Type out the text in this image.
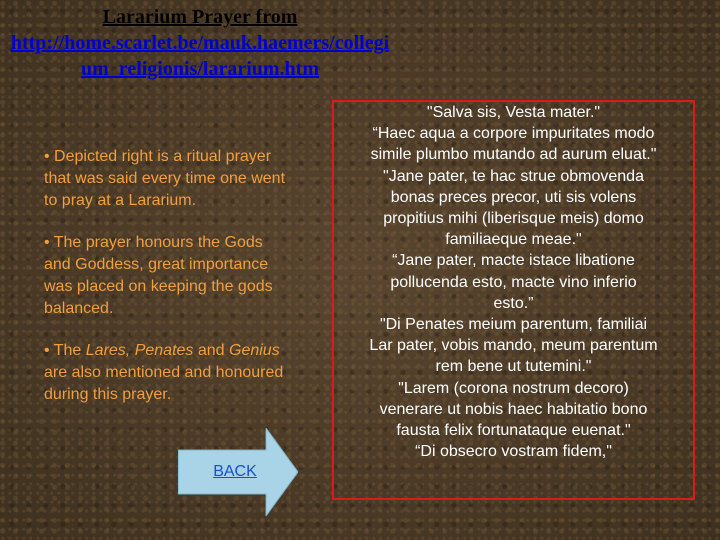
Lararium Prayer from
http://home.scarlet.be/mauk.haemers/collegium_religionis/lararium.htm

• Depicted right is a ritual prayer that was said every time one went to pray at a Lararium.

• The prayer honours the Gods and Goddess, great importance was placed on keeping the gods balanced.

• The Lares, Penates and Genius are also mentioned and honoured during this prayer.

BACK
"Salva sis, Vesta mater."
“Haec aqua a corpore impuritates modo
simile plumbo mutando ad aurum eluat."
"Jane pater, te hac strue obmovenda
bonas preces precor, uti sis volens
propitius mihi (liberisque meis) domo
familiaeque meae."
“Jane pater, macte istace libatione
pollucenda esto, macte vino inferio
esto.”
"Di Penates meium parentum, familiai
Lar pater, vobis mando, meum parentum
rem bene ut tutemini."
"Larem (corona nostrum decoro)
venerare ut nobis haec habitatio bono
fausta felix fortunataque euenat."
“Di obsecro vostram fidem,"
